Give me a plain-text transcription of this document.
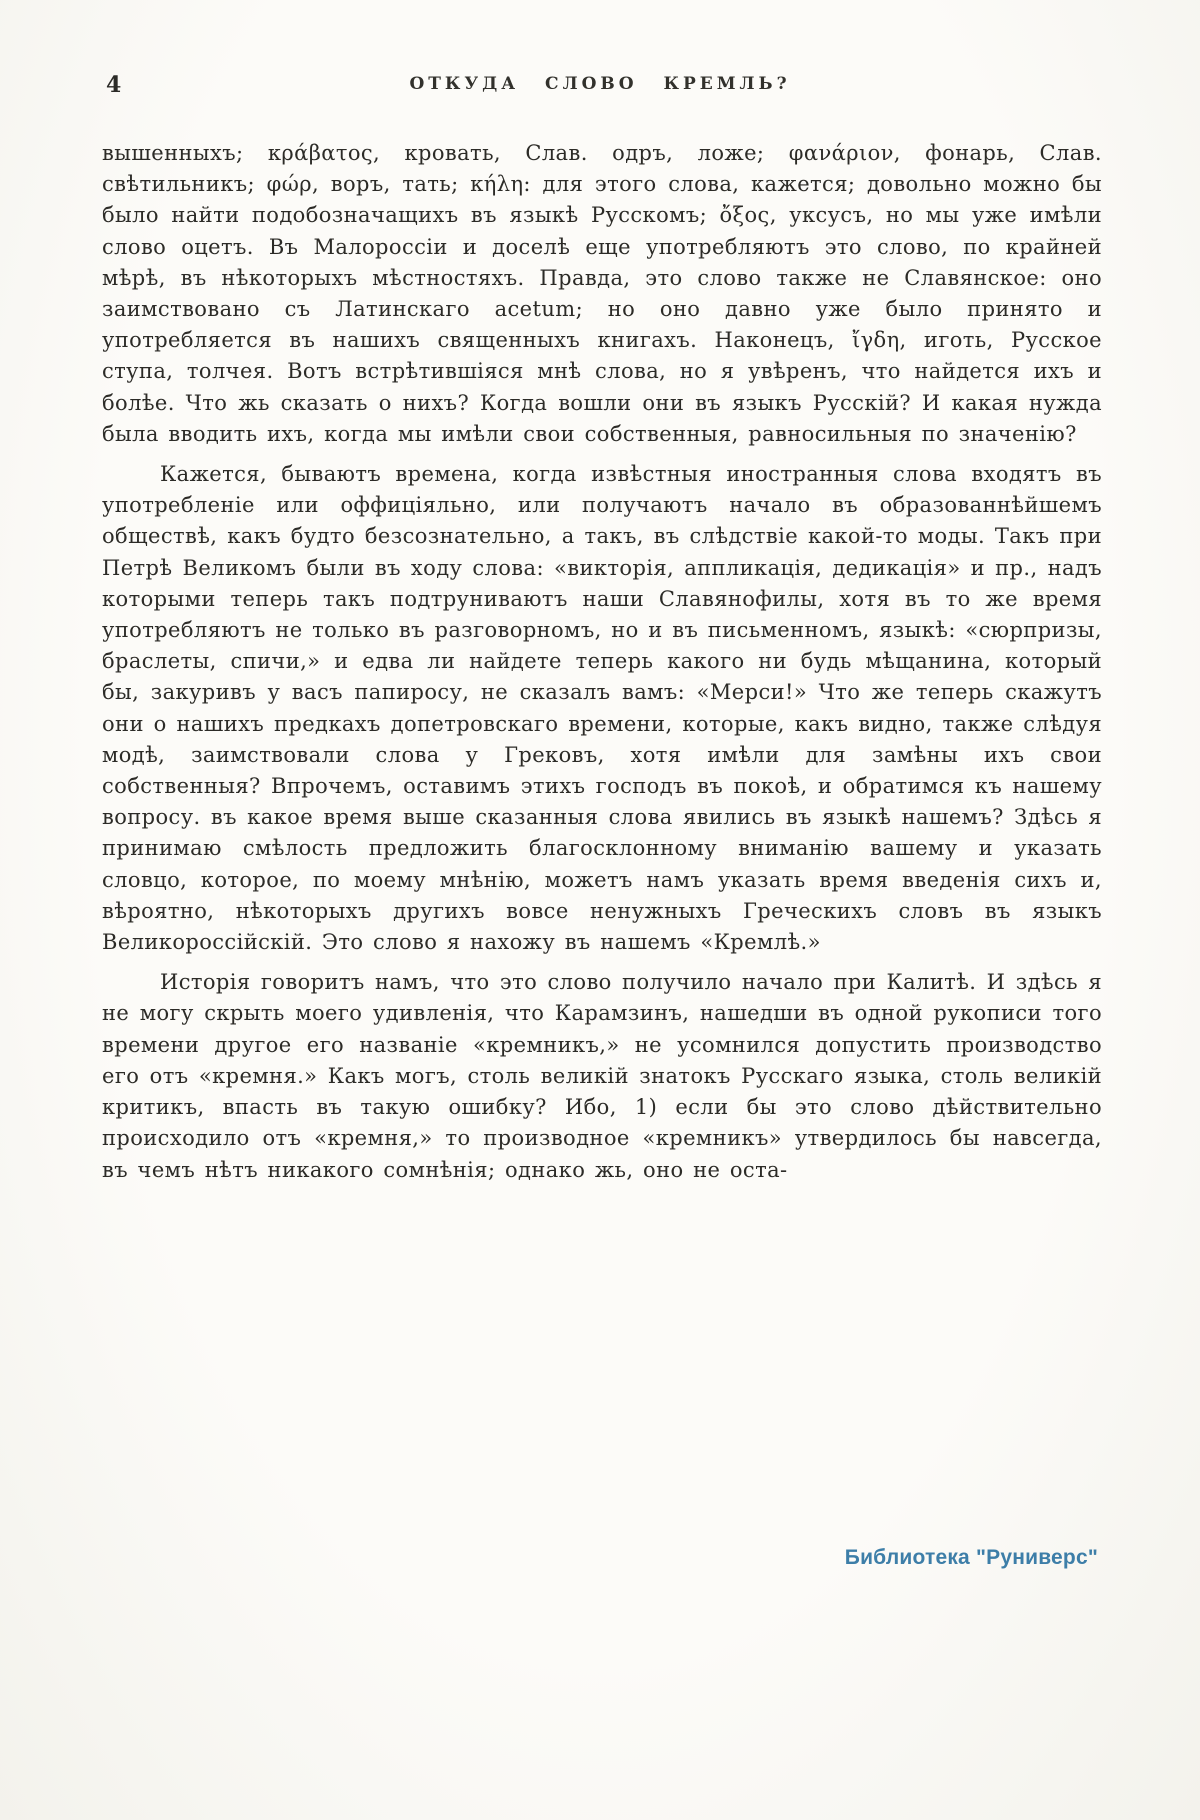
4	ОТКУДА СЛОВО КРЕМЛЬ?

вышенныхъ; κράβατος, кровать, Слав. одръ, ложе; φανάριον, фонарь, Слав. свѣтильникъ; φώρ, воръ, тать; κήλη: для этого слова, кажется; довольно можно бы было найти подобозначащихъ въ языкѣ Русскомъ; ὄξος, уксусъ, но мы уже имѣли слово оцетъ. Въ Малороссіи и доселѣ еще употребляютъ это слово, по крайней мѣрѣ, въ нѣкоторыхъ мѣстностяхъ. Правда, это слово также не Славянское: оно заимствовано съ Латинскаго acetum; но оно давно уже было принято и употребляется въ нашихъ священныхъ книгахъ. Наконецъ, ἴγδη, иготь, Русское ступа, толчея. Вотъ встрѣтившіяся мнѣ слова, но я увѣренъ, что найдется ихъ и болѣе. Что жь сказать о нихъ? Когда вошли они въ языкъ Русскій? И какая нужда была вводить ихъ, когда мы имѣли свои собственныя, равносильныя по значенію?

Кажется, бываютъ времена, когда извѣстныя иностранныя слова входятъ въ употребленіе или оффиціяльно, или получаютъ начало въ образованнѣйшемъ обществѣ, какъ будто безсознательно, а такъ, въ слѣдствіе какой-то моды. Такъ при Петрѣ Великомъ были въ ходу слова: «викторія, аппликація, дедикація» и пр., надъ которыми теперь такъ подтруниваютъ наши Славянофилы, хотя въ то же время употребляютъ не только въ разговорномъ, но и въ письменномъ, языкѣ: «сюрпризы, браслеты, спичи,» и едва ли найдете теперь какого ни будь мѣщанина, который бы, закуривъ у васъ папиросу, не сказалъ вамъ: «Мерси!» Что же теперь скажутъ они о нашихъ предкахъ допетровскаго времени, которые, какъ видно, также слѣдуя модѣ, заимствовали слова у Грековъ, хотя имѣли для замѣны ихъ свои собственныя? Впрочемъ, оставимъ этихъ господъ въ покоѣ, и обратимся къ нашему вопросу. въ какое время выше сказанныя слова явились въ языкѣ нашемъ? Здѣсь я принимаю смѣлость предложить благосклонному вниманію вашему и указать словцо, которое, по моему мнѣнію, можетъ намъ указать время введенія сихъ и, вѣроятно, нѣкоторыхъ другихъ вовсе ненужныхъ Греческихъ словъ въ языкъ Великороссійскій. Это слово я нахожу въ нашемъ «Кремлѣ.»

Исторія говоритъ намъ, что это слово получило начало при Калитѣ. И здѣсь я не могу скрыть моего удивленія, что Карамзинъ, нашедши въ одной рукописи того времени другое его названіе «кремникъ,» не усомнился допустить производство его отъ «кремня.» Какъ могъ, столь великій знатокъ Русскаго языка, столь великій критикъ, впасть въ такую ошибку? Ибо, 1) если бы это слово дѣйствительно происходило отъ «кремня,» то производное «кремникъ» утвердилось бы навсегда, въ чемъ нѣтъ никакого сомнѣнія; однако жь, оно не оста-

Библиотека "Руниверс"
